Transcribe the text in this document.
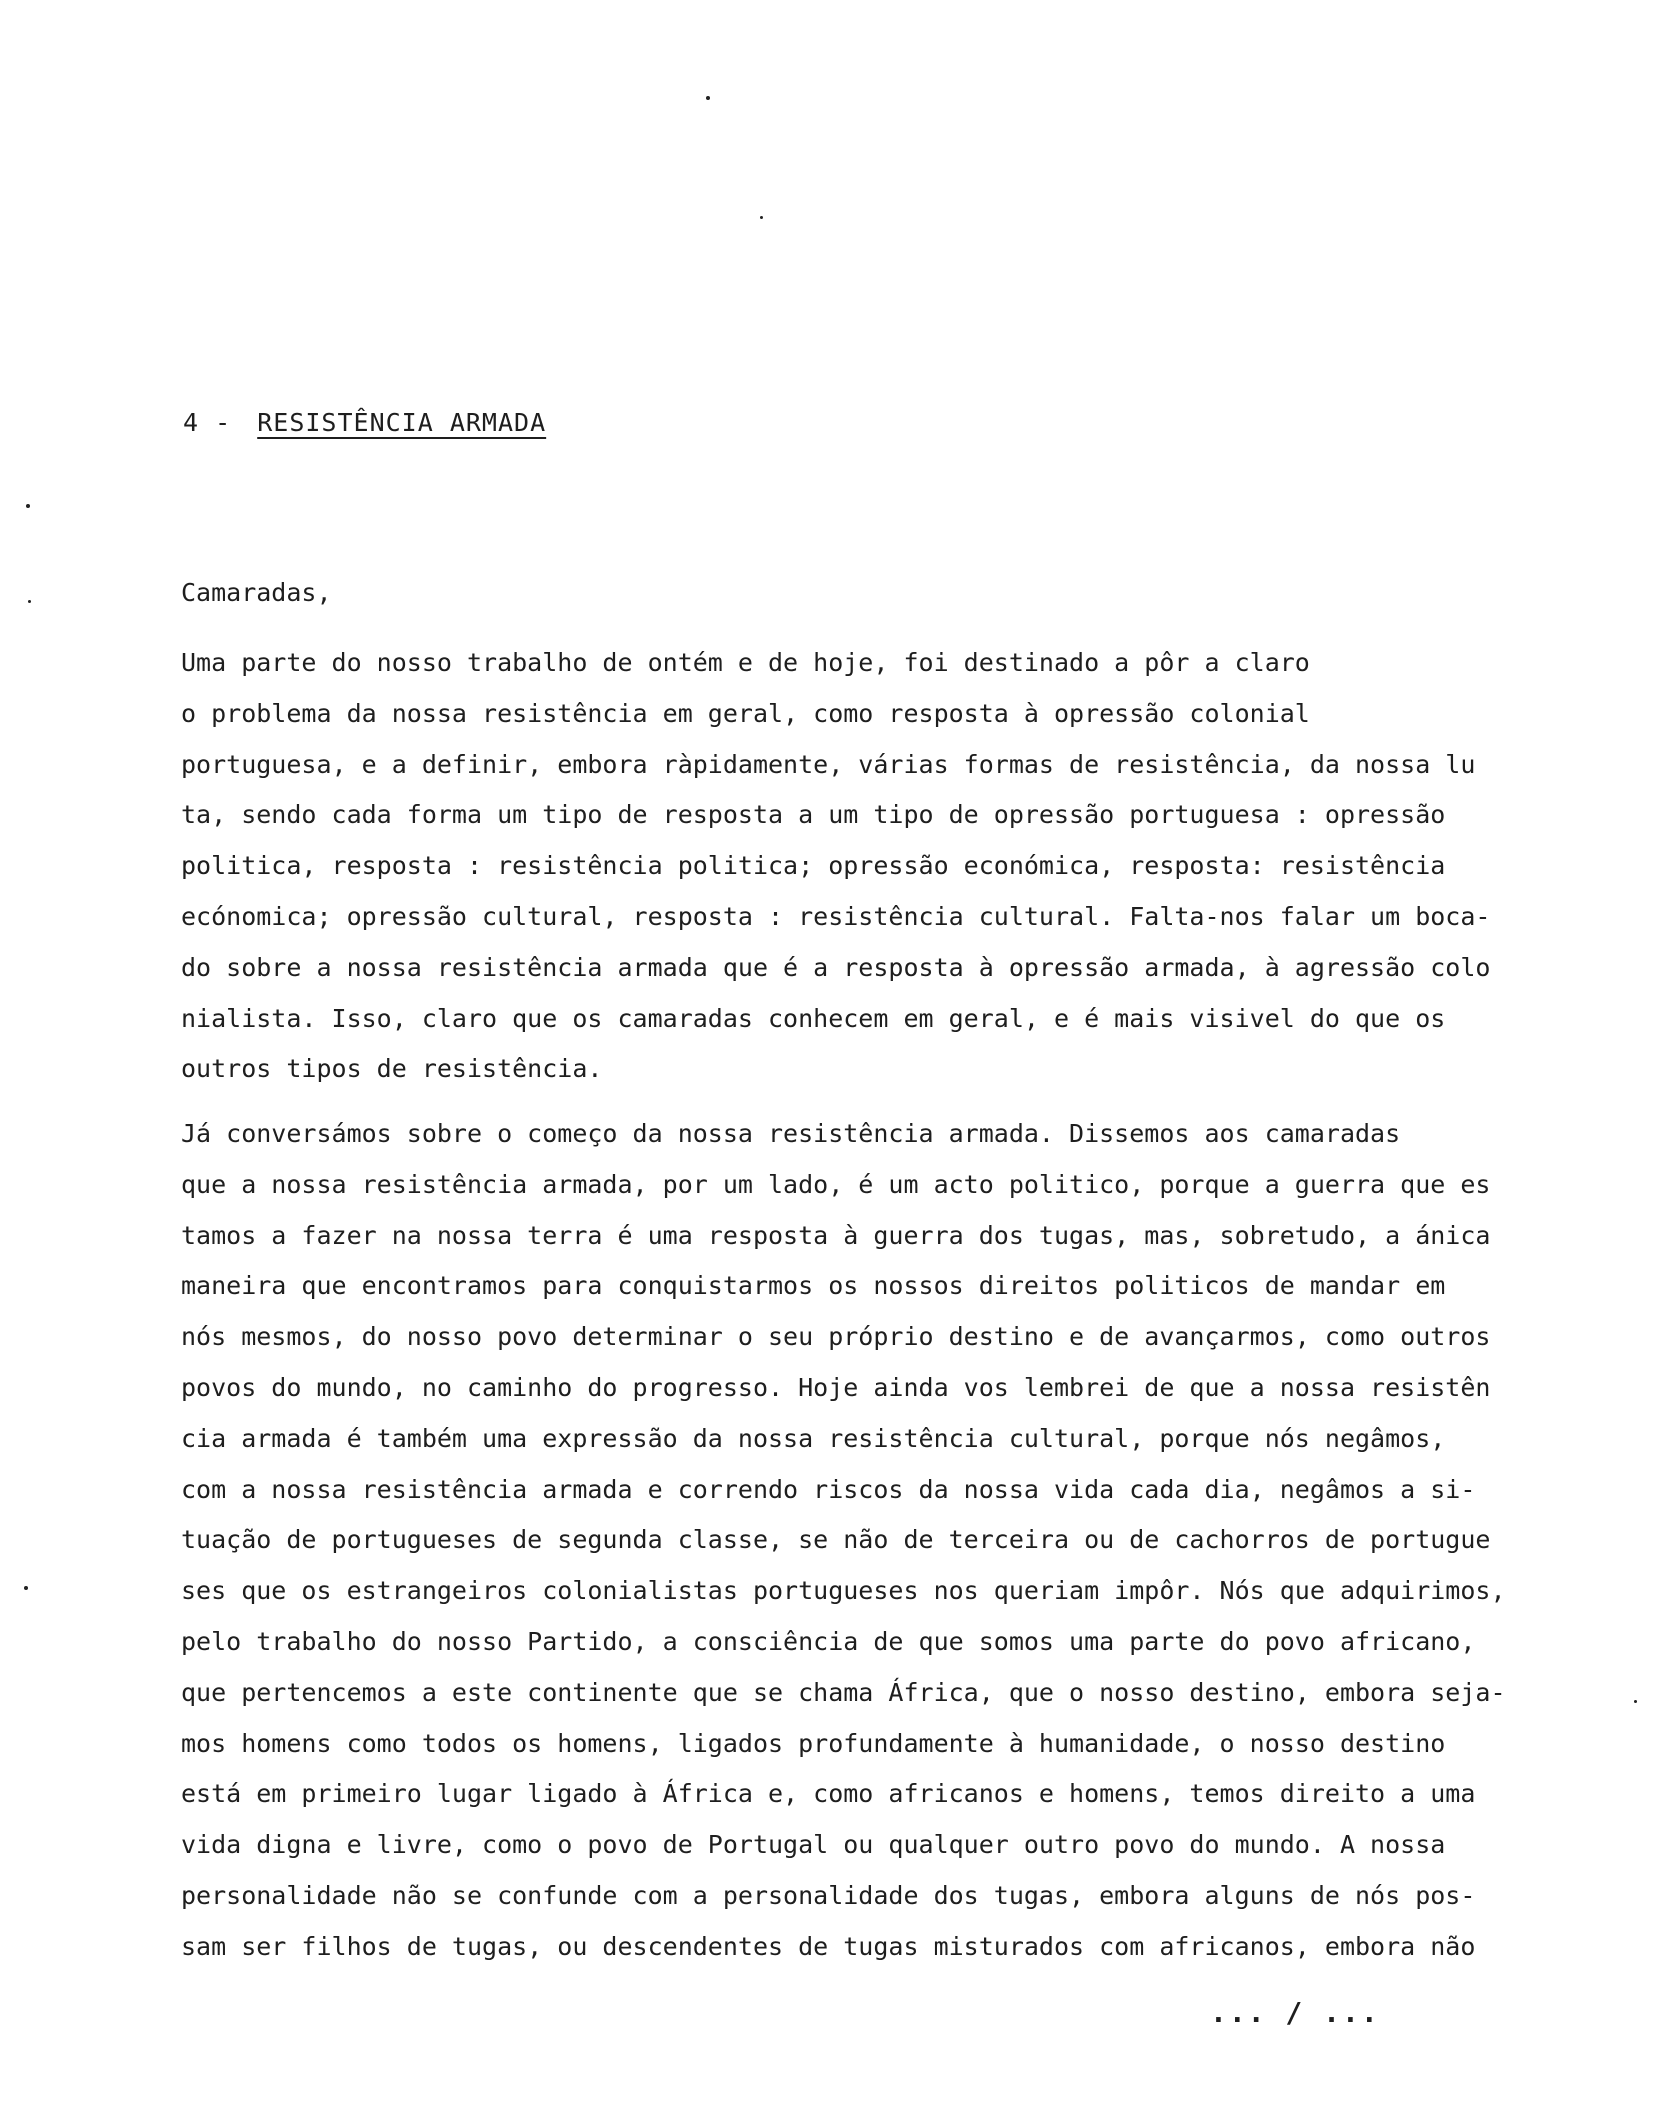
4 - RESISTÊNCIA ARMADA
Camaradas,

Uma parte do nosso trabalho de ontém e de hoje, foi destinado a pôr a claro
o problema da nossa resistência em geral, como resposta à opressão colonial
portuguesa, e a definir, embora ràpidamente, várias formas de resistência, da nossa lu
ta, sendo cada forma um tipo de resposta a um tipo de opressão portuguesa : opressão
politica, resposta : resistência politica; opressão económica, resposta: resistência
ecónomica; opressão cultural, resposta : resistência cultural. Falta-nos falar um boca-
do sobre a nossa resistência armada que é a resposta à opressão armada, à agressão colo
nialista. Isso, claro que os camaradas conhecem em geral, e é mais visivel do que os
outros tipos de resistência.

Já conversámos sobre o começo da nossa resistência armada. Dissemos aos camaradas
que a nossa resistência armada, por um lado, é um acto politico, porque a guerra que es
tamos a fazer na nossa terra é uma resposta à guerra dos tugas, mas, sobretudo, a ánica
maneira que encontramos para conquistarmos os nossos direitos politicos de mandar em
nós mesmos, do nosso povo determinar o seu próprio destino e de avançarmos, como outros
povos do mundo, no caminho do progresso. Hoje ainda vos lembrei de que a nossa resistên
cia armada é também uma expressão da nossa resistência cultural, porque nós negâmos,
com a nossa resistência armada e correndo riscos da nossa vida cada dia, negâmos a si-
tuação de portugueses de segunda classe, se não de terceira ou de cachorros de portugue
ses que os estrangeiros colonialistas portugueses nos queriam impôr. Nós que adquirimos,
pelo trabalho do nosso Partido, a consciência de que somos uma parte do povo africano,
que pertencemos a este continente que se chama África, que o nosso destino, embora seja-
mos homens como todos os homens, ligados profundamente à humanidade, o nosso destino
está em primeiro lugar ligado à África e, como africanos e homens, temos direito a uma
vida digna e livre, como o povo de Portugal ou qualquer outro povo do mundo. A nossa
personalidade não se confunde com a personalidade dos tugas, embora alguns de nós pos-
sam ser filhos de tugas, ou descendentes de tugas misturados com africanos, embora não

... / ...
